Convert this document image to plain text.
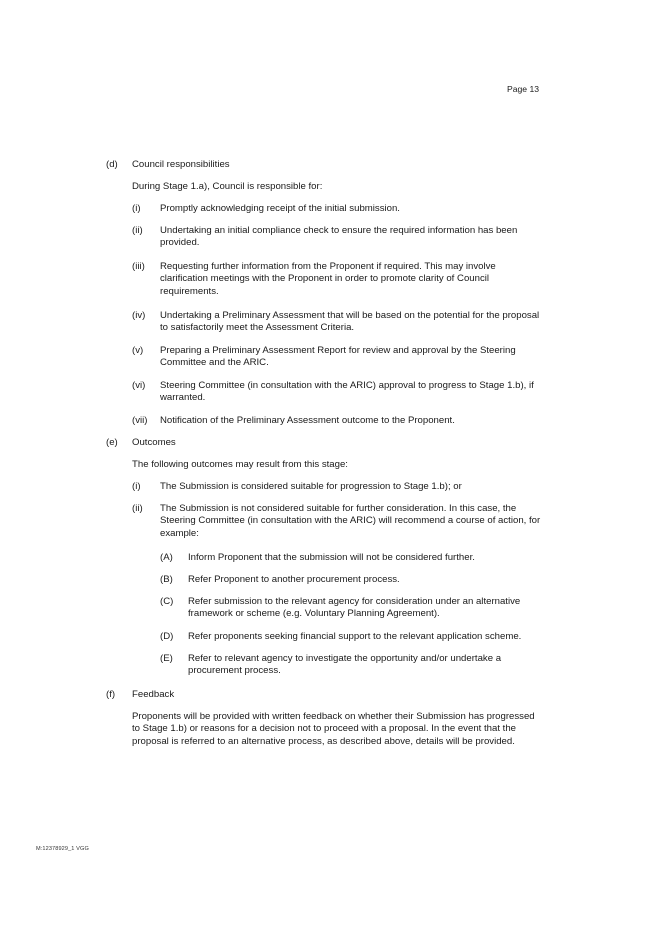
Page 13
(d) Council responsibilities
During Stage 1.a), Council is responsible for:
(i) Promptly acknowledging receipt of the initial submission.
(ii) Undertaking an initial compliance check to ensure the required information has been provided.
(iii) Requesting further information from the Proponent if required. This may involve clarification meetings with the Proponent in order to promote clarity of Council requirements.
(iv) Undertaking a Preliminary Assessment that will be based on the potential for the proposal to satisfactorily meet the Assessment Criteria.
(v) Preparing a Preliminary Assessment Report for review and approval by the Steering Committee and the ARIC.
(vi) Steering Committee (in consultation with the ARIC) approval to progress to Stage 1.b), if warranted.
(vii) Notification of the Preliminary Assessment outcome to the Proponent.
(e) Outcomes
The following outcomes may result from this stage:
(i) The Submission is considered suitable for progression to Stage 1.b); or
(ii) The Submission is not considered suitable for further consideration. In this case, the Steering Committee (in consultation with the ARIC) will recommend a course of action, for example:
(A) Inform Proponent that the submission will not be considered further.
(B) Refer Proponent to another procurement process.
(C) Refer submission to the relevant agency for consideration under an alternative framework or scheme (e.g. Voluntary Planning Agreement).
(D) Refer proponents seeking financial support to the relevant application scheme.
(E) Refer to relevant agency to investigate the opportunity and/or undertake a procurement process.
(f) Feedback
Proponents will be provided with written feedback on whether their Submission has progressed to Stage 1.b) or reasons for a decision not to proceed with a proposal. In the event that the proposal is referred to an alternative process, as described above, details will be provided.
M:12378929_1 VGG
